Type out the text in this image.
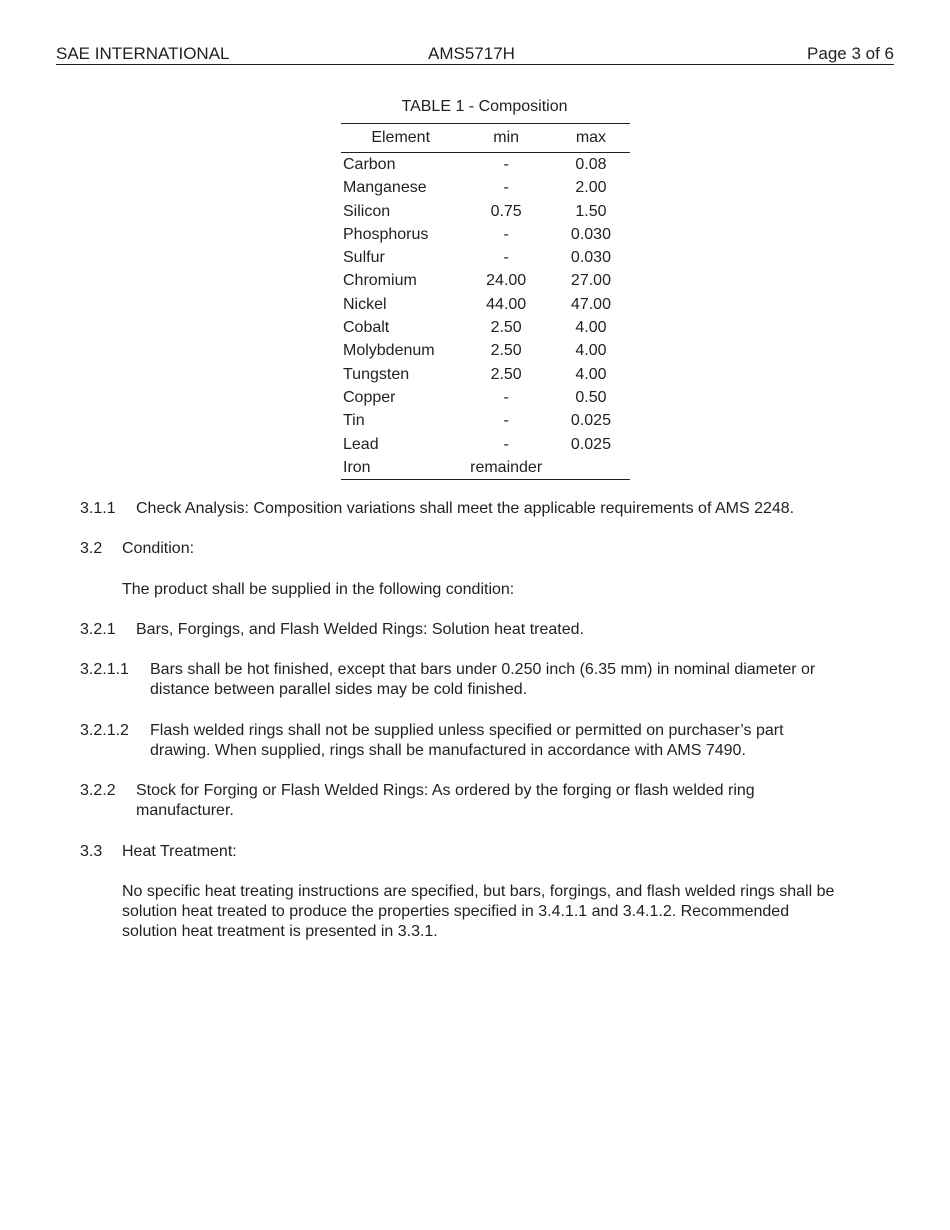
SAE INTERNATIONAL	AMS5717H	Page 3 of 6
TABLE 1 - Composition
Element	min	max
Carbon	-	0.08
Manganese	-	2.00
Silicon	0.75	1.50
Phosphorus	-	0.030
Sulfur	-	0.030
Chromium	24.00	27.00
Nickel	44.00	47.00
Cobalt	2.50	4.00
Molybdenum	2.50	4.00
Tungsten	2.50	4.00
Copper	-	0.50
Tin	-	0.025
Lead	-	0.025
Iron	remainder	
3.1.1 Check Analysis: Composition variations shall meet the applicable requirements of AMS 2248.
3.2 Condition:
The product shall be supplied in the following condition:
3.2.1 Bars, Forgings, and Flash Welded Rings: Solution heat treated.
3.2.1.1 Bars shall be hot finished, except that bars under 0.250 inch (6.35 mm) in nominal diameter or
distance between parallel sides may be cold finished.
3.2.1.2 Flash welded rings shall not be supplied unless specified or permitted on purchaser’s part
drawing. When supplied, rings shall be manufactured in accordance with AMS 7490.
3.2.2 Stock for Forging or Flash Welded Rings: As ordered by the forging or flash welded ring
manufacturer.
3.3 Heat Treatment:
No specific heat treating instructions are specified, but bars, forgings, and flash welded rings shall be
solution heat treated to produce the properties specified in 3.4.1.1 and 3.4.1.2. Recommended
solution heat treatment is presented in 3.3.1.
